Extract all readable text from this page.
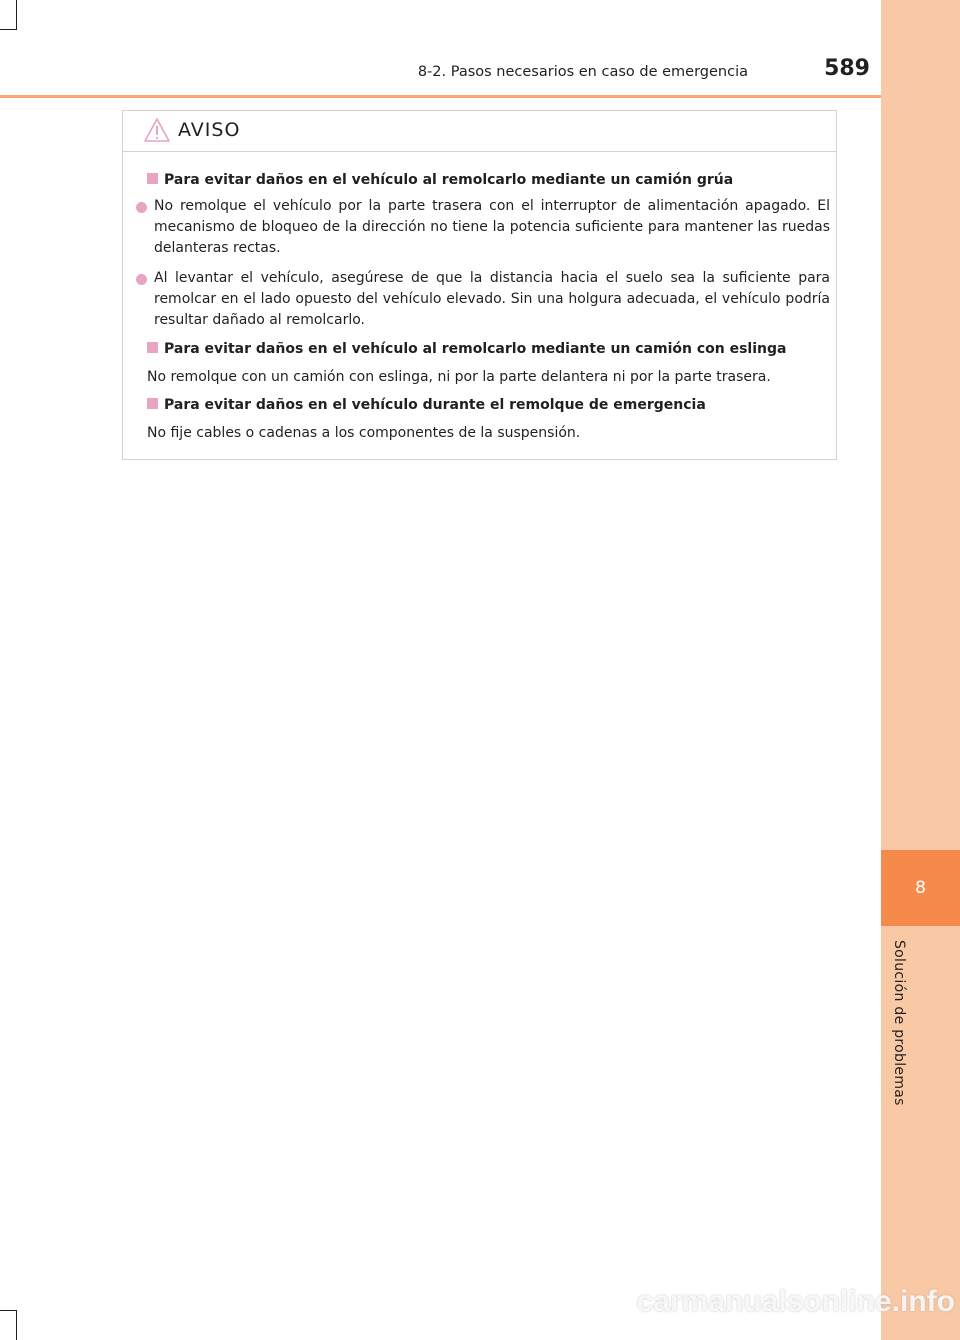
8
Solución de problemas
8-2. Pasos necesarios en caso de emergencia	589
AVISO
Para evitar daños en el vehículo al remolcarlo mediante un camión grúa
No remolque el vehículo por la parte trasera con el interruptor de alimentación apagado. El mecanismo de bloqueo de la dirección no tiene la potencia suficiente para mantener las ruedas delanteras rectas.
Al levantar el vehículo, asegúrese de que la distancia hacia el suelo sea la suficiente para remolcar en el lado opuesto del vehículo elevado. Sin una holgura adecuada, el vehículo podría resultar dañado al remolcarlo.
Para evitar daños en el vehículo al remolcarlo mediante un camión con eslinga
No remolque con un camión con eslinga, ni por la parte delantera ni por la parte trasera.
Para evitar daños en el vehículo durante el remolque de emergencia
No fije cables o cadenas a los componentes de la suspensión.
carmanualsonline.info
